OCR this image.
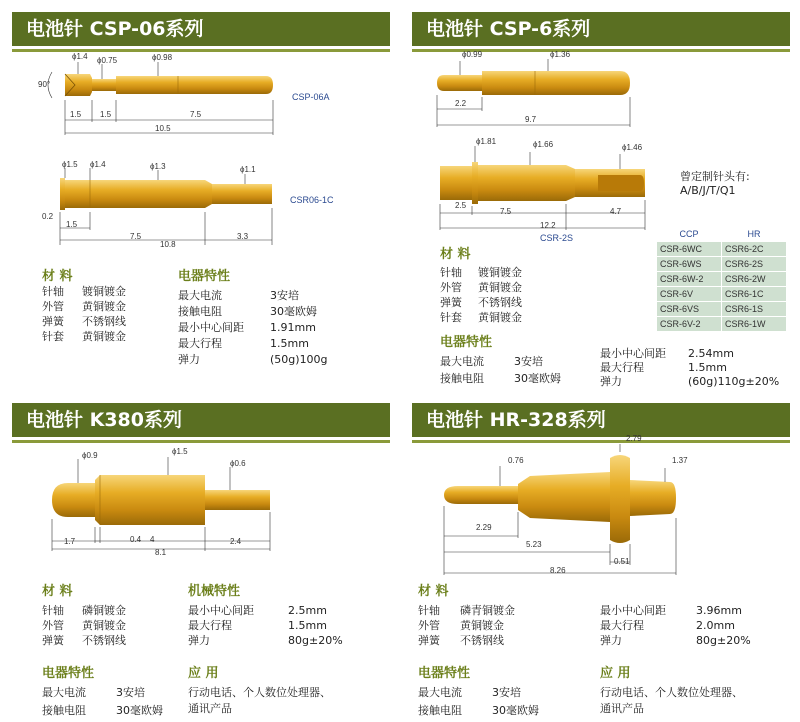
电池针 CSP-06系列
ϕ1.4 ϕ0.75	ϕ0.98
90°
1.5 1.5	7.5
10.5
CSP-06A
ϕ1.5 ϕ1.4	ϕ1.3	ϕ1.1
0.2
1.5
7.5
10.8
3.3
CSR06-1C
材 料
针轴 镀铜镀金
外管 黄铜镀金
弹簧 不锈钢线
针套 黄铜镀金
电器特性
最大电流	3安培
接触电阻	30毫欧姆
最小中心间距 1.91mm
最大行程	1.5mm
弹力	(50g)100g
电池针 CSP-6系列
ϕ0.99	ϕ1.36
2.2
9.7
ϕ1.81	ϕ1.66	ϕ1.46
2.5
7.5
12.2
4.7
CSR-2S
曾定制针头有:
A/B/J/T/Q1
CCP	HR
CSR-6WC	CSR6-2C
CSR-6WS	CSR6-2S
CSR-6W-2	CSR6-2W
CSR-6V	CSR6-1C
CSR-6VS	CSR6-1S
CSR-6V-2	CSR6-1W
材 料
针轴 镀铜镀金
外管 黄铜镀金
弹簧 不锈钢线
针套 黄铜镀金
电器特性
最大电流	3安培
接触电阻	30毫欧姆
最小中心间距 2.54mm
最大行程	1.5mm
弹力	(60g)110g±20%
电池针 K380系列
ϕ0.9	ϕ1.5
ϕ0.6
1.7	0.4 4	2.4
8.1
材 料
针轴 磷铜镀金
外管 黄铜镀金
弹簧 不锈钢线
机械特性
最小中心间距	2.5mm
最大行程	1.5mm
弹力	80g±20%
电器特性
最大电流	3安培
接触电阻	30毫欧姆
应 用
行动电话、个人数位处理器、
通讯产品
电池针 HR-328系列
0.76
2.79
1.37
2.29
5.23
0.51
8.26
材 料
针轴 磷青铜镀金
外管 黄铜镀金
弹簧 不锈钢线
最小中心间距	3.96mm
最大行程	2.0mm
弹力	80g±20%
电器特性
最大电流	3安培
接触电阻	30毫欧姆
应 用
行动电话、个人数位处理器、
通讯产品
